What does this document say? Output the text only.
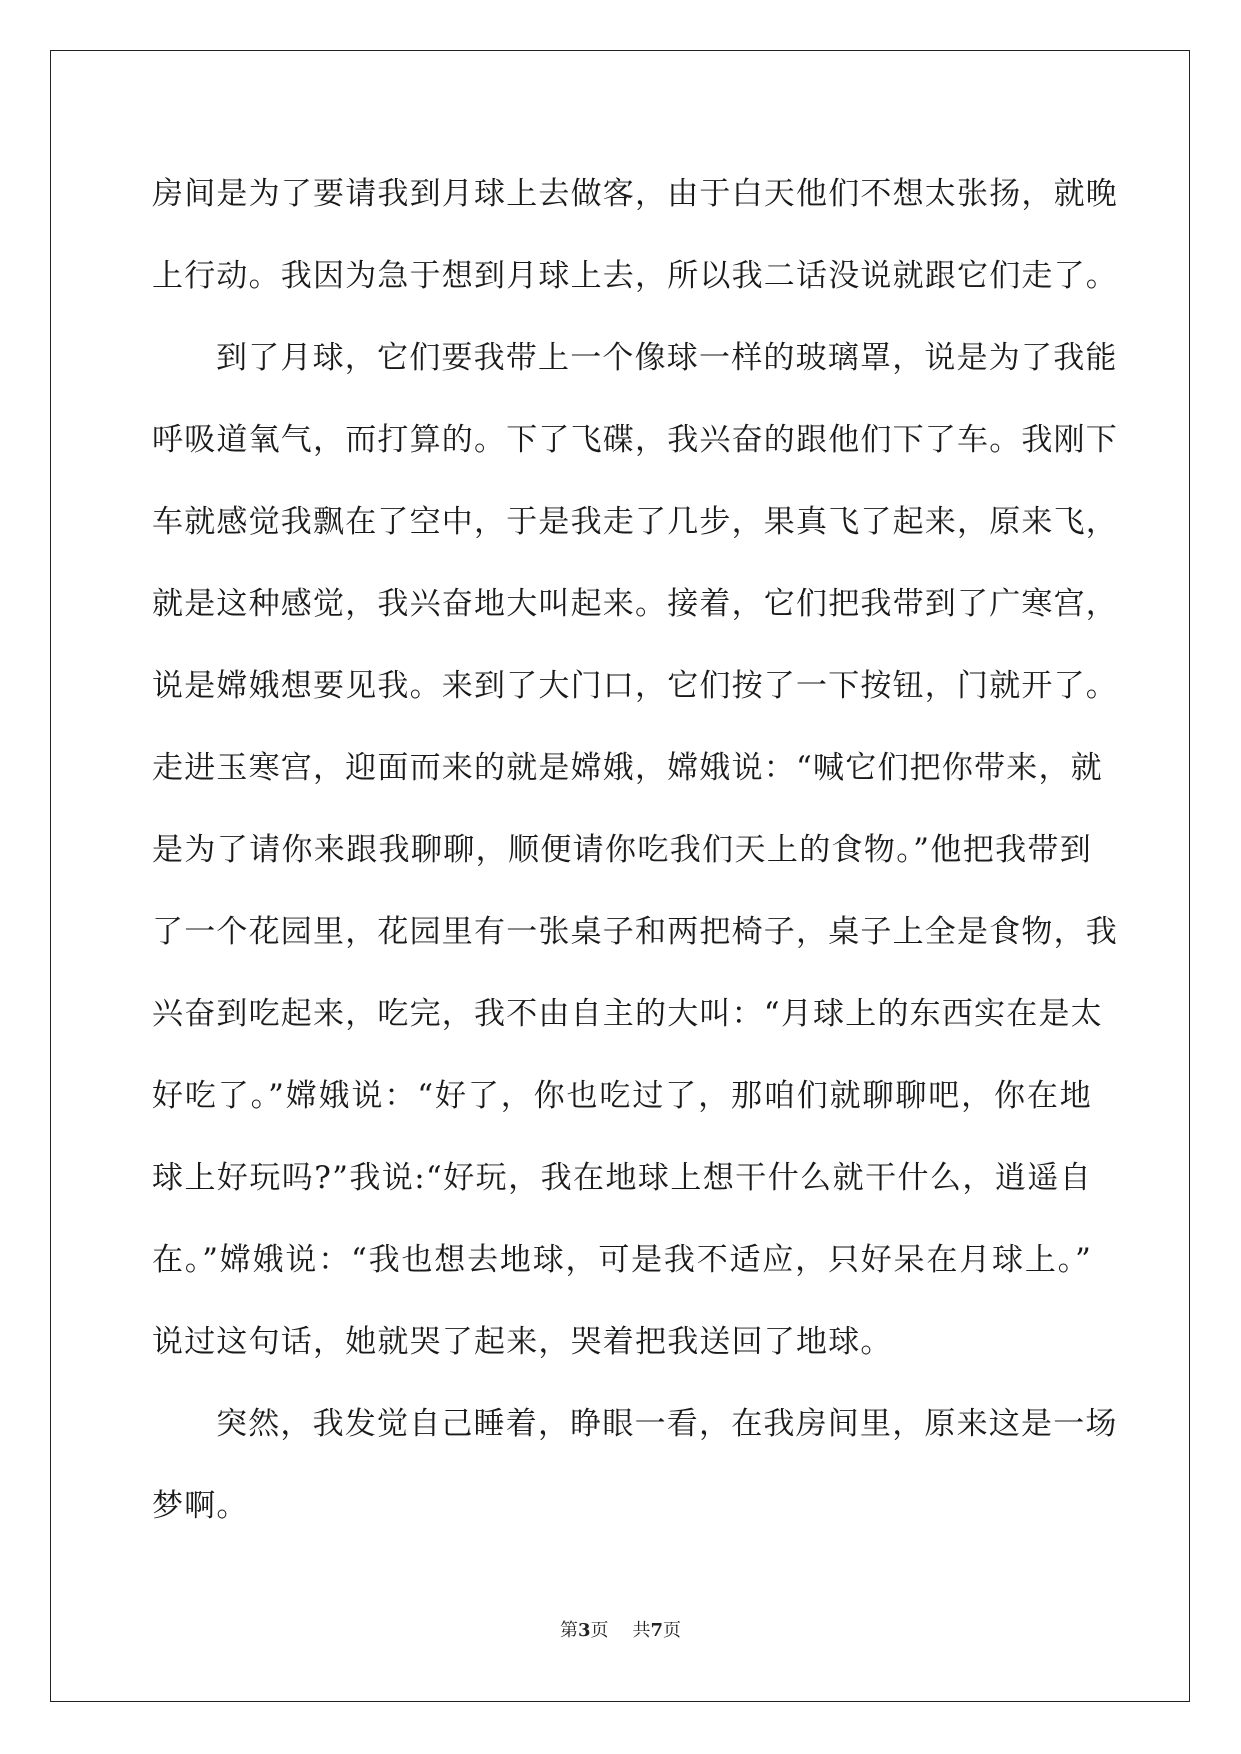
房间是为了要请我到月球上去做客，由于白天他们不想太张扬，就晚
上行动。我因为急于想到月球上去，所以我二话没说就跟它们走了。
到了月球，它们要我带上一个像球一样的玻璃罩，说是为了我能
呼吸道氧气，而打算的。下了飞碟，我兴奋的跟他们下了车。我刚下
车就感觉我飘在了空中，于是我走了几步，果真飞了起来，原来飞，
就是这种感觉，我兴奋地大叫起来。接着，它们把我带到了广寒宫，
说是嫦娥想要见我。来到了大门口，它们按了一下按钮，门就开了。
走进玉寒宫，迎面而来的就是嫦娥，嫦娥说：“喊它们把你带来，就
是为了请你来跟我聊聊，顺便请你吃我们天上的食物。”他把我带到
了一个花园里，花园里有一张桌子和两把椅子，桌子上全是食物，我
兴奋到吃起来，吃完，我不由自主的大叫：“月球上的东西实在是太
好吃了。”嫦娥说：“好了，你也吃过了，那咱们就聊聊吧，你在地
球上好玩吗?”我说:“好玩，我在地球上想干什么就干什么，逍遥自
在。”嫦娥说：“我也想去地球，可是我不适应，只好呆在月球上。”
说过这句话，她就哭了起来，哭着把我送回了地球。
突然，我发觉自己睡着，睁眼一看，在我房间里，原来这是一场
梦啊。
第3页 共7页
